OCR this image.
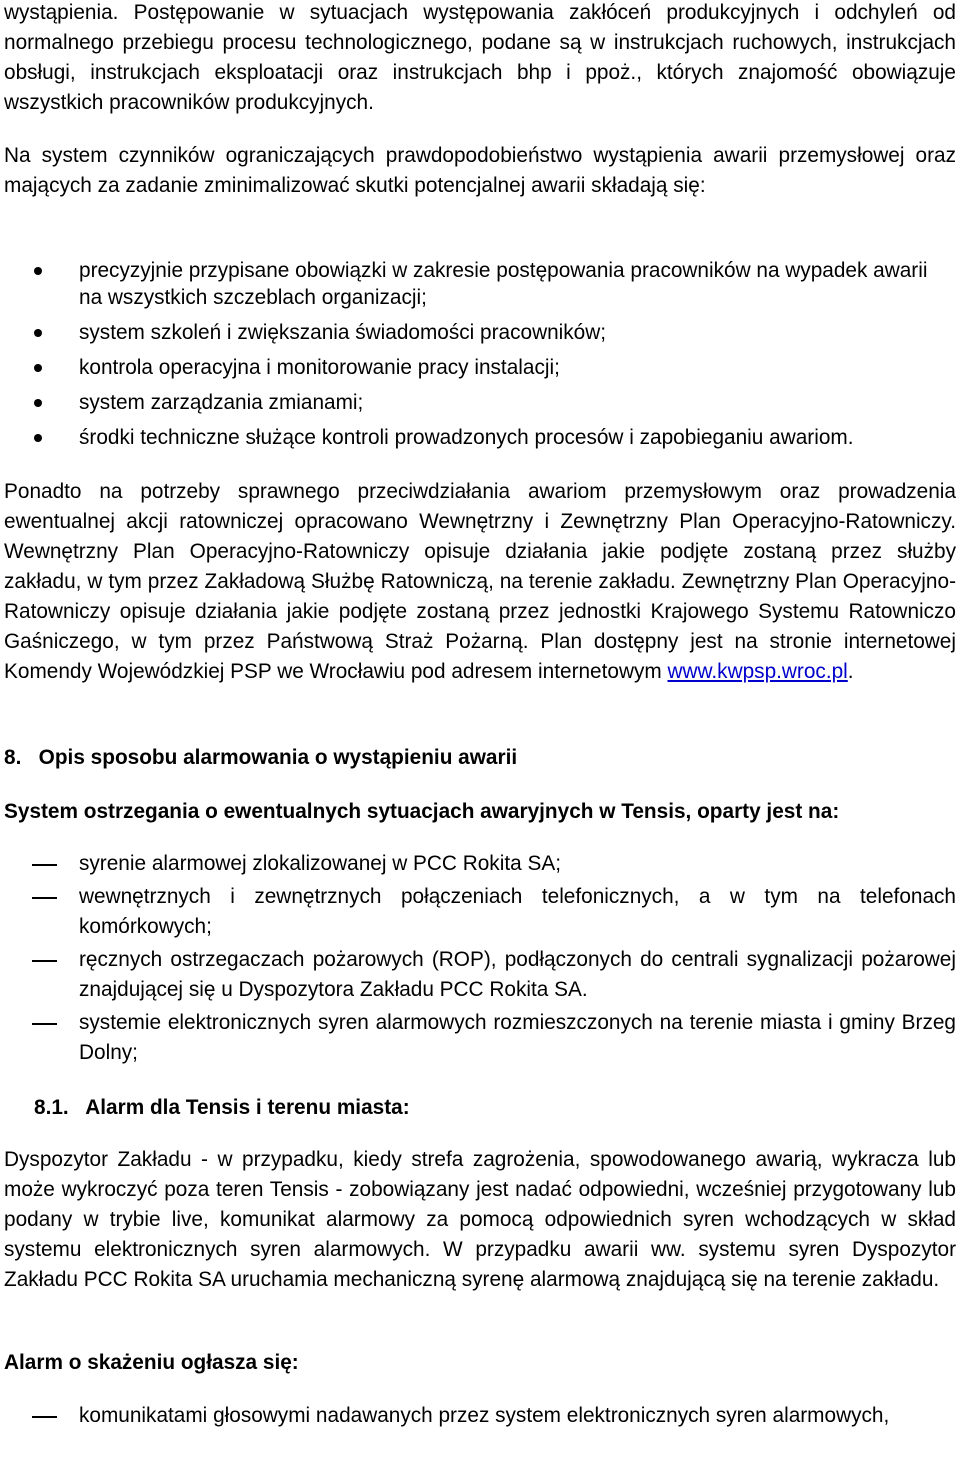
wystąpienia. Postępowanie w sytuacjach występowania zakłóceń produkcyjnych i odchyleń od normalnego przebiegu procesu technologicznego, podane są w instrukcjach ruchowych, instrukcjach obsługi, instrukcjach eksploatacji oraz instrukcjach bhp i ppoż., których znajomość obowiązuje wszystkich pracowników produkcyjnych.

Na system czynników ograniczających prawdopodobieństwo wystąpienia awarii przemysłowej oraz mających za zadanie zminimalizować skutki potencjalnej awarii składają się:

precyzyjnie przypisane obowiązki w zakresie postępowania pracowników na wypadek awarii na wszystkich szczeblach organizacji;
system szkoleń i zwiększania świadomości pracowników;
kontrola operacyjna i monitorowanie pracy instalacji;
system zarządzania zmianami;
środki techniczne służące kontroli prowadzonych procesów i zapobieganiu awariom.

Ponadto na potrzeby sprawnego przeciwdziałania awariom przemysłowym oraz prowadzenia ewentualnej akcji ratowniczej opracowano Wewnętrzny i Zewnętrzny Plan Operacyjno-Ratowniczy. Wewnętrzny Plan Operacyjno-Ratowniczy opisuje działania jakie podjęte zostaną przez służby zakładu, w tym przez Zakładową Służbę Ratowniczą, na terenie zakładu. Zewnętrzny Plan Operacyjno-Ratowniczy opisuje działania jakie podjęte zostaną przez jednostki Krajowego Systemu Ratowniczo Gaśniczego, w tym przez Państwową Straż Pożarną. Plan dostępny jest na stronie internetowej Komendy Wojewódzkiej PSP we Wrocławiu pod adresem internetowym www.kwpsp.wroc.pl.

8.   Opis sposobu alarmowania o wystąpieniu awarii
System ostrzegania o ewentualnych sytuacjach awaryjnych w Tensis, oparty jest na:
syrenie alarmowej zlokalizowanej w PCC Rokita SA;
wewnętrznych i zewnętrznych połączeniach telefonicznych, a w tym na telefonach komórkowych;
ręcznych ostrzegaczach pożarowych (ROP), podłączonych do centrali sygnalizacji pożarowej znajdującej się u Dyspozytora Zakładu PCC Rokita SA.
systemie elektronicznych syren alarmowych rozmieszczonych na terenie miasta i gminy Brzeg Dolny;
8.1.   Alarm dla Tensis i terenu miasta:

Dyspozytor Zakładu - w przypadku, kiedy strefa zagrożenia, spowodowanego awarią, wykracza lub może wykroczyć poza teren Tensis - zobowiązany jest nadać odpowiedni, wcześniej przygotowany lub podany w trybie live, komunikat alarmowy za pomocą odpowiednich syren wchodzących w skład systemu elektronicznych syren alarmowych. W przypadku awarii ww. systemu syren Dyspozytor Zakładu PCC Rokita SA uruchamia mechaniczną syrenę alarmową znajdującą się na terenie zakładu.

Alarm o skażeniu ogłasza się:
komunikatami głosowymi nadawanych przez system elektronicznych syren alarmowych,
